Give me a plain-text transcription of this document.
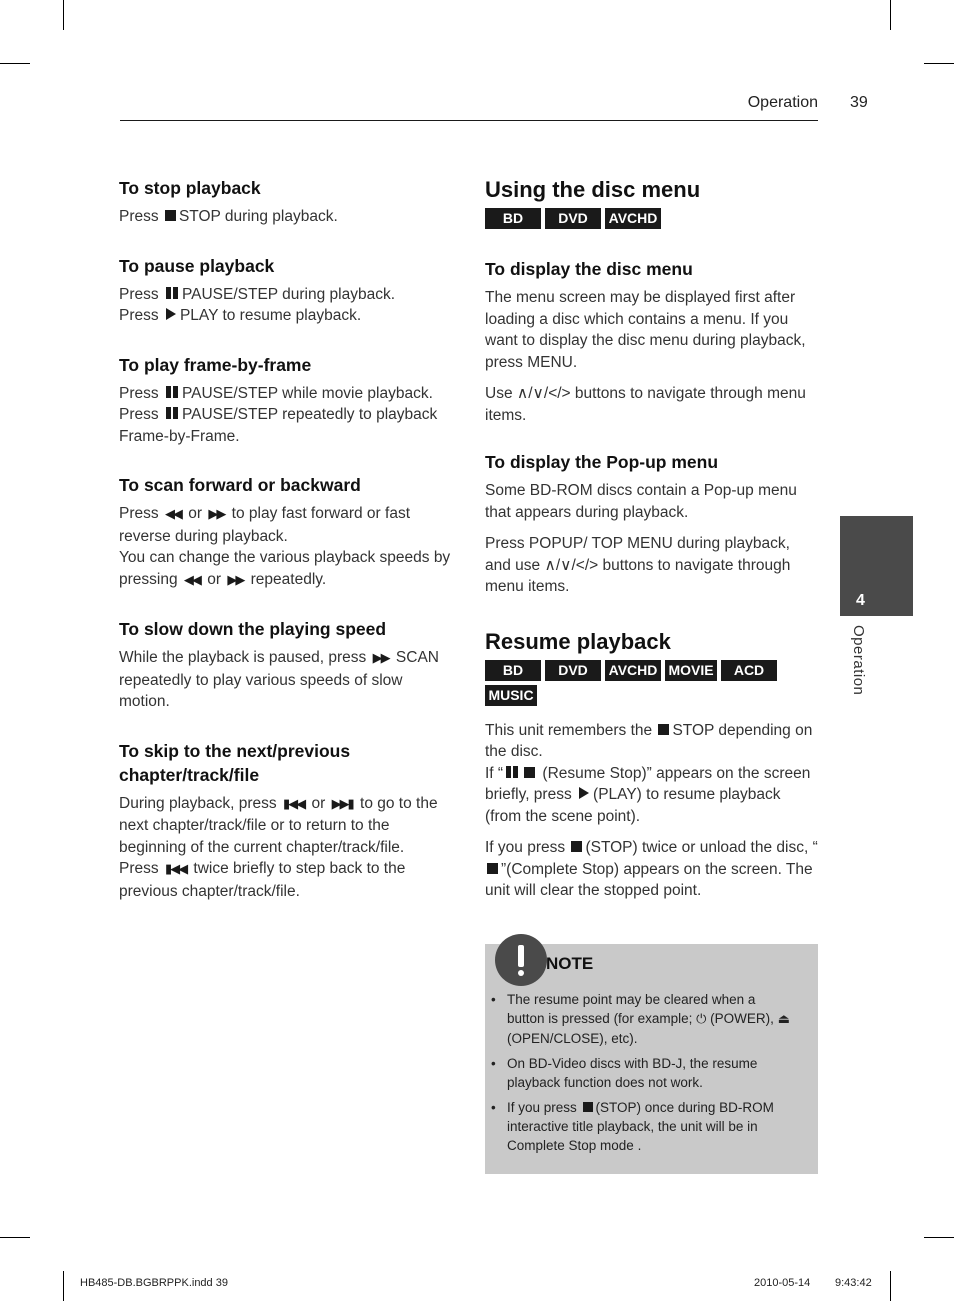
Operation 39
To stop playback

Press STOP during playback.

To pause playback

Press PAUSE/STEP during playback.

Press PLAY to resume playback.

To play frame-by-frame

Press PAUSE/STEP while movie playback.

Press PAUSE/STEP repeatedly to playback Frame-by-Frame.

To scan forward or backward

Press ◀◀ or ▶▶ to play fast forward or fast reverse during playback.

You can change the various playback speeds by pressing ◀◀ or ▶▶ repeatedly.

To slow down the playing speed

While the playback is paused, press ▶▶ SCAN repeatedly to play various speeds of slow motion.

To skip to the next/previous chapter/track/file

During playback, press ▮◀◀ or ▶▶▮ to go to the next chapter/track/file or to return to the beginning of the current chapter/track/file.

Press ▮◀◀ twice briefly to step back to the previous chapter/track/file.

Using the disc menu
BD	DVD	AVCHD
To display the disc menu

The menu screen may be displayed first after loading a disc which contains a menu. If you want to display the disc menu during playback, press MENU.

Use ∧/∨/</> buttons to navigate through menu items.

To display the Pop-up menu

Some BD-ROM discs contain a Pop-up menu that appears during playback.

Press POPUP/ TOP MENU during playback, and use ∧/∨/</> buttons to navigate through menu items.

Resume playback
BD	DVD	AVCHD MOVIE	ACD
MUSIC

This unit remembers the STOP depending on the disc.

If “	(Resume Stop)” appears on the screen briefly, press (PLAY) to resume playback (from the scene point).

If you press (STOP) twice or unload the disc, “”(Complete Stop) appears on the screen. The unit will clear the stopped point.

NOTE
• The resume point may be cleared when a button is pressed (for example; ⏻ (POWER), ⏏ (OPEN/CLOSE), etc).
• On BD-Video discs with BD-J, the resume playback function does not work.
• If you press (STOP) once during BD-ROM interactive title playback, the unit will be in Complete Stop mode .
4
Operation
HB485-DB.BGBRPPK.indd 39	2010-05-14 9:43:42
